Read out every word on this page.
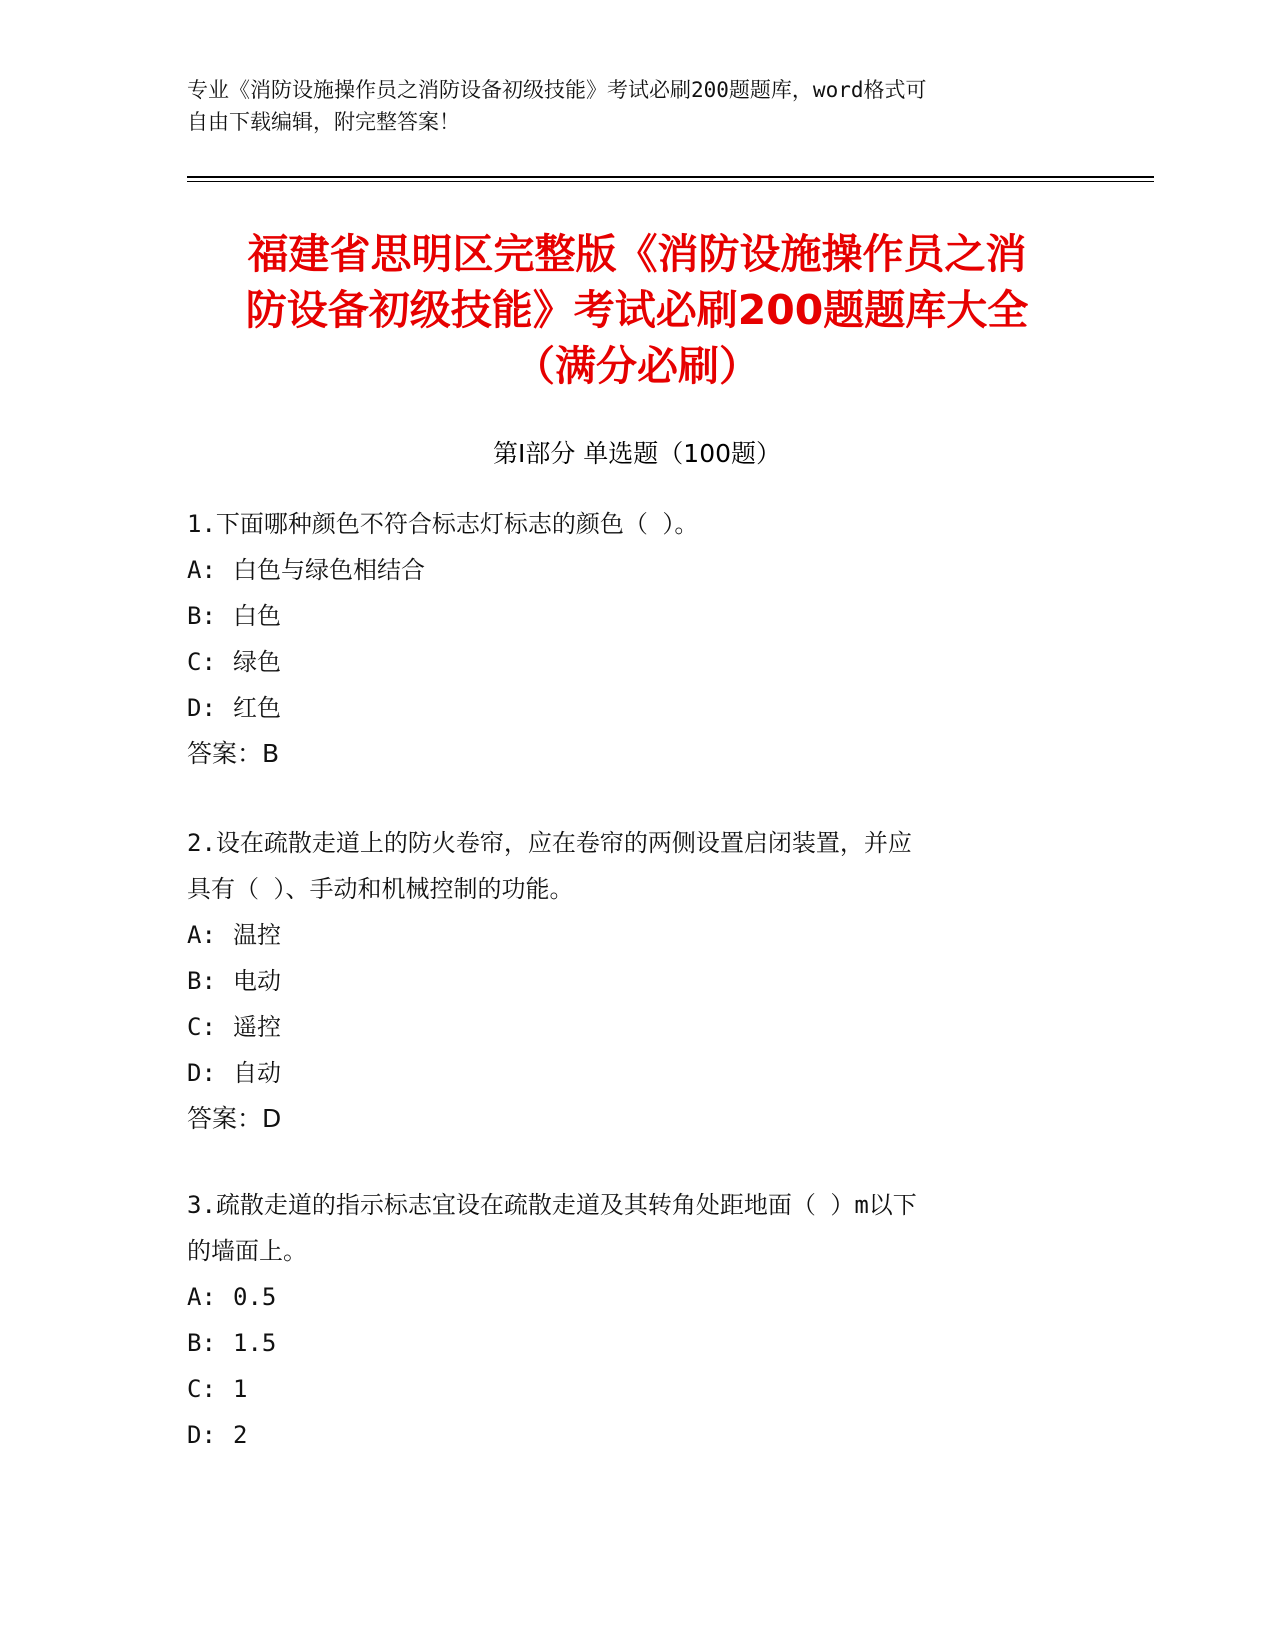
专业《消防设施操作员之消防设备初级技能》考试必刷200题题库，word格式可
自由下载编辑，附完整答案！
福建省思明区完整版《消防设施操作员之消
防设备初级技能》考试必刷200题题库大全
（满分必刷）
第Ⅰ部分 单选题（100题）
1.下面哪种颜色不符合标志灯标志的颜色（ ）。
A: 白色与绿色相结合
B: 白色
C: 绿色
D: 红色
答案：B
2.设在疏散走道上的防火卷帘，应在卷帘的两侧设置启闭装置，并应
具有（ ）、手动和机械控制的功能。
A: 温控
B: 电动
C: 遥控
D: 自动
答案：D
3.疏散走道的指示标志宜设在疏散走道及其转角处距地面（ ）m以下
的墙面上。
A: 0.5
B: 1.5
C: 1
D: 2
